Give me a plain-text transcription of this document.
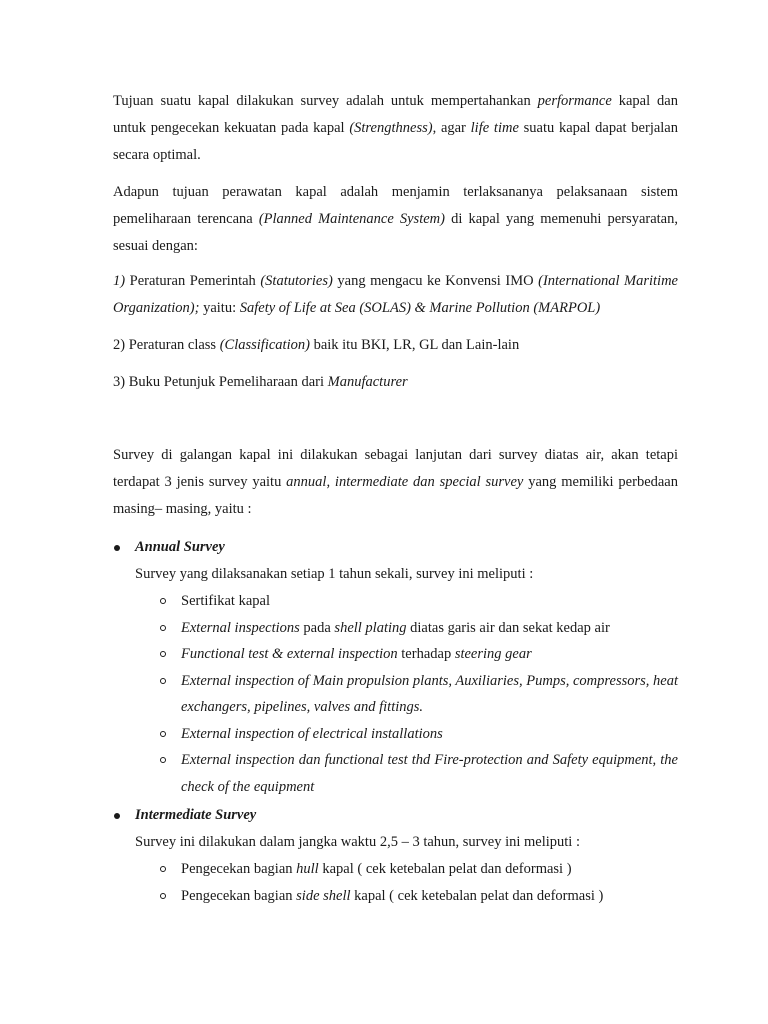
Tujuan suatu kapal dilakukan survey adalah untuk mempertahankan performance kapal dan untuk pengecekan kekuatan pada kapal (Strengthness), agar life time suatu kapal dapat berjalan secara optimal.

Adapun tujuan perawatan kapal adalah menjamin terlaksananya pelaksanaan sistem pemeliharaan terencana (Planned Maintenance System) di kapal yang memenuhi persyaratan, sesuai dengan:

1) Peraturan Pemerintah (Statutories) yang mengacu ke Konvensi IMO (International Maritime Organization); yaitu: Safety of Life at Sea (SOLAS) & Marine Pollution (MARPOL)

2) Peraturan class (Classification) baik itu BKI, LR, GL dan Lain-lain

3) Buku Petunjuk Pemeliharaan dari Manufacturer

Survey di galangan kapal ini dilakukan sebagai lanjutan dari survey diatas air, akan tetapi terdapat 3 jenis survey yaitu annual, intermediate dan special survey yang memiliki perbedaan masing– masing, yaitu :

Annual Survey
Survey yang dilaksanakan setiap 1 tahun sekali, survey ini meliputi :
Sertifikat kapal
External inspections pada shell plating diatas garis air dan sekat kedap air
Functional test & external inspection terhadap steering gear
External inspection of Main propulsion plants, Auxiliaries, Pumps, compressors, heat exchangers, pipelines, valves and fittings.
External inspection of electrical installations
External inspection dan functional test thd Fire-protection and Safety equipment, the check of the equipment
Intermediate Survey
Survey ini dilakukan dalam jangka waktu 2,5 – 3 tahun, survey ini meliputi :
Pengecekan bagian hull kapal ( cek ketebalan pelat dan deformasi )
Pengecekan bagian side shell kapal ( cek ketebalan pelat dan deformasi )
